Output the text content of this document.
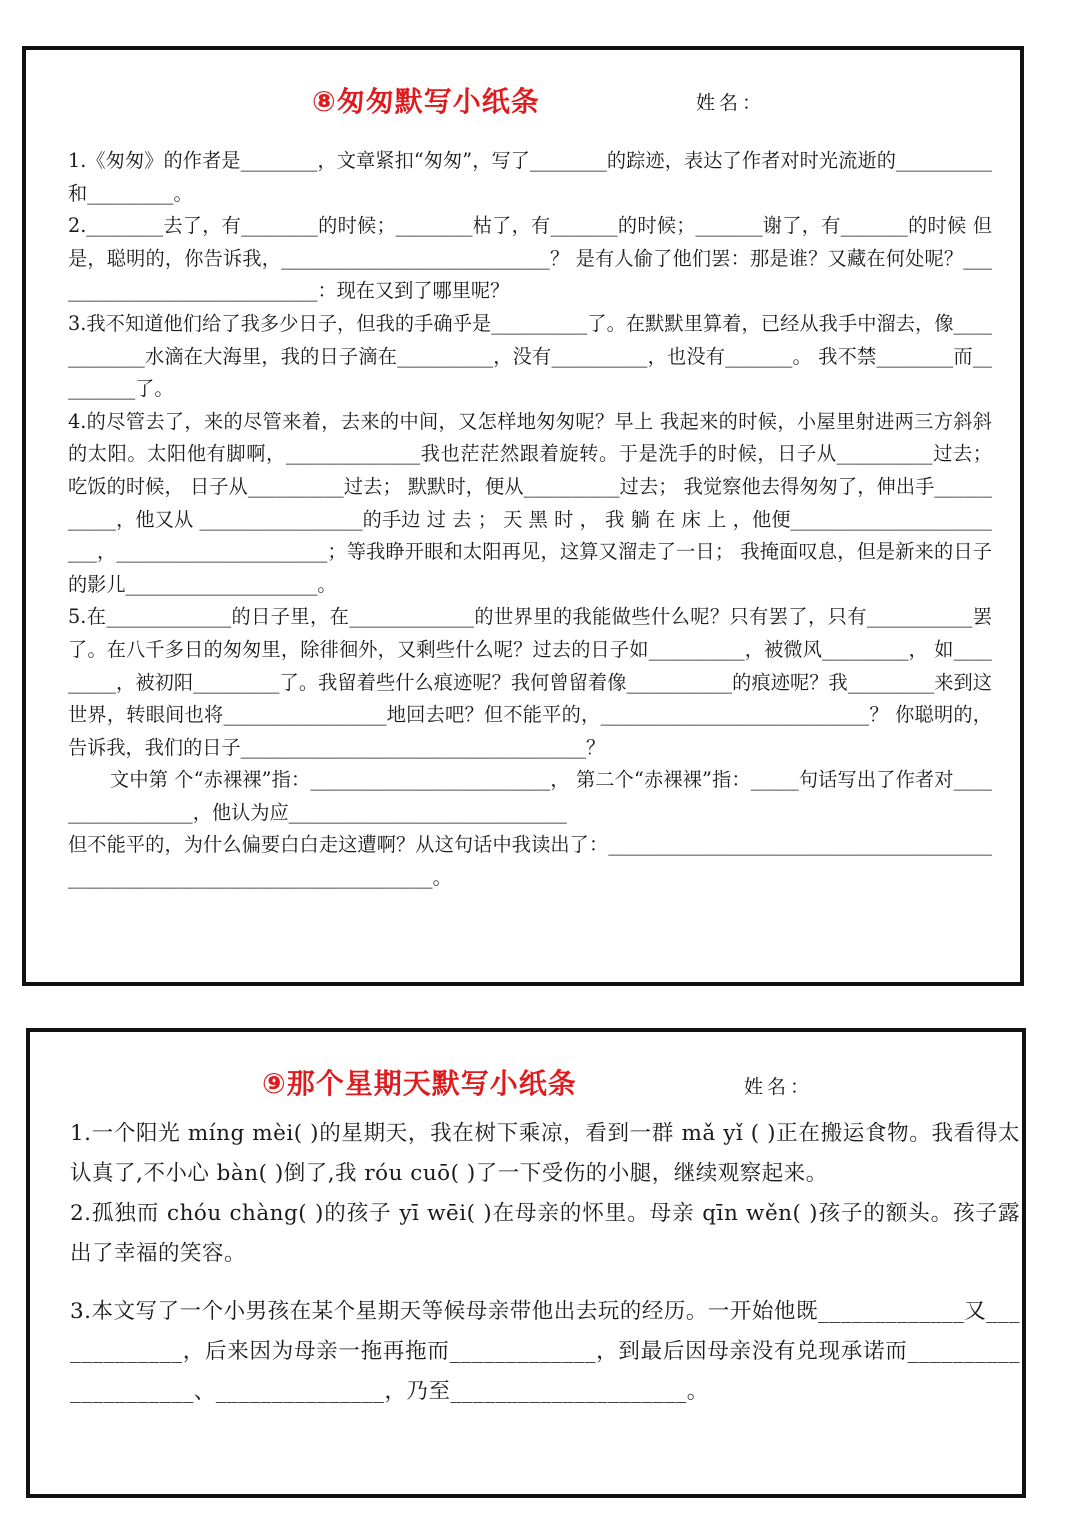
⑧匆匆默写小纸条	姓名：

1.《匆匆》的作者是________，文章紧扣“匆匆”，写了________的踪迹，表达了作者对时光流逝的__________和_________。

2.________去了，有________的时候；________枯了，有_______的时候；_______谢了，有_______的时候 但是，聪明的，你告诉我，____________________________？ 是有人偷了他们罢：那是谁？又藏在何处呢？_____________________________：现在又到了哪里呢？

3.我不知道他们给了我多少日子，但我的手确乎是__________了。在默默里算着，已经从我手中溜去，像____________水滴在大海里，我的日子滴在__________，没有__________，也没有_______。 我不禁________而_________了。

4.的尽管去了，来的尽管来着，去来的中间，又怎样地匆匆呢？早上 我起来的时候，小屋里射进两三方斜斜的太阳。太阳他有脚啊，______________我也茫茫然跟着旋转。于是洗手的时候，日子从__________过去； 吃饭的时候， 日子从__________过去； 默默时，便从__________过去； 我觉察他去得匆匆了，伸出手___________，他又从 _________________的手边 过 去 ； 天 黑 时 ， 我 躺 在 床 上 ，他便________________________，______________________；等我睁开眼和太阳再见，这算又溜走了一日； 我掩面叹息，但是新来的日子的影儿____________________。

5.在_____________的日子里，在_____________的世界里的我能做些什么呢？只有罢了，只有___________罢了。在八千多日的匆匆里，除徘徊外，又剩些什么呢？过去的日子如__________，被微风_________， 如_________，被初阳_________了。我留着些什么痕迹呢？我何曾留着像___________的痕迹呢？我_________来到这世界，转眼间也将_________________地回去吧？但不能平的，____________________________？ 你聪明的，告诉我，我们的日子____________________________________？

文中第 个“赤裸裸”指：_________________________， 第二个“赤裸裸”指：_____句话写出了作者对_________________，他认为应_____________________________

但不能平的，为什么偏要白白走这遭啊？从这句话中我读出了：______________________________________________________________________________。

⑨那个星期天默写小纸条	姓名：

1.一个阳光 míng mèi( )的星期天，我在树下乘凉，看到一群 mǎ yǐ ( )正在搬运食物。我看得太认真了,不小心 bàn( )倒了,我 róu cuō( )了一下受伤的小腿，继续观察起来。

2.孤独而 chóu chàng( )的孩子 yī wēi( )在母亲的怀里。母亲 qīn wěn( )孩子的额头。孩子露出了幸福的笑容。

3.本文写了一个小男孩在某个星期天等候母亲带他出去玩的经历。一开始他既_____________又_____________，后来因为母亲一拖再拖而_____________，到最后因母亲没有兑现承诺而_____________________、_______________，乃至_____________________。
